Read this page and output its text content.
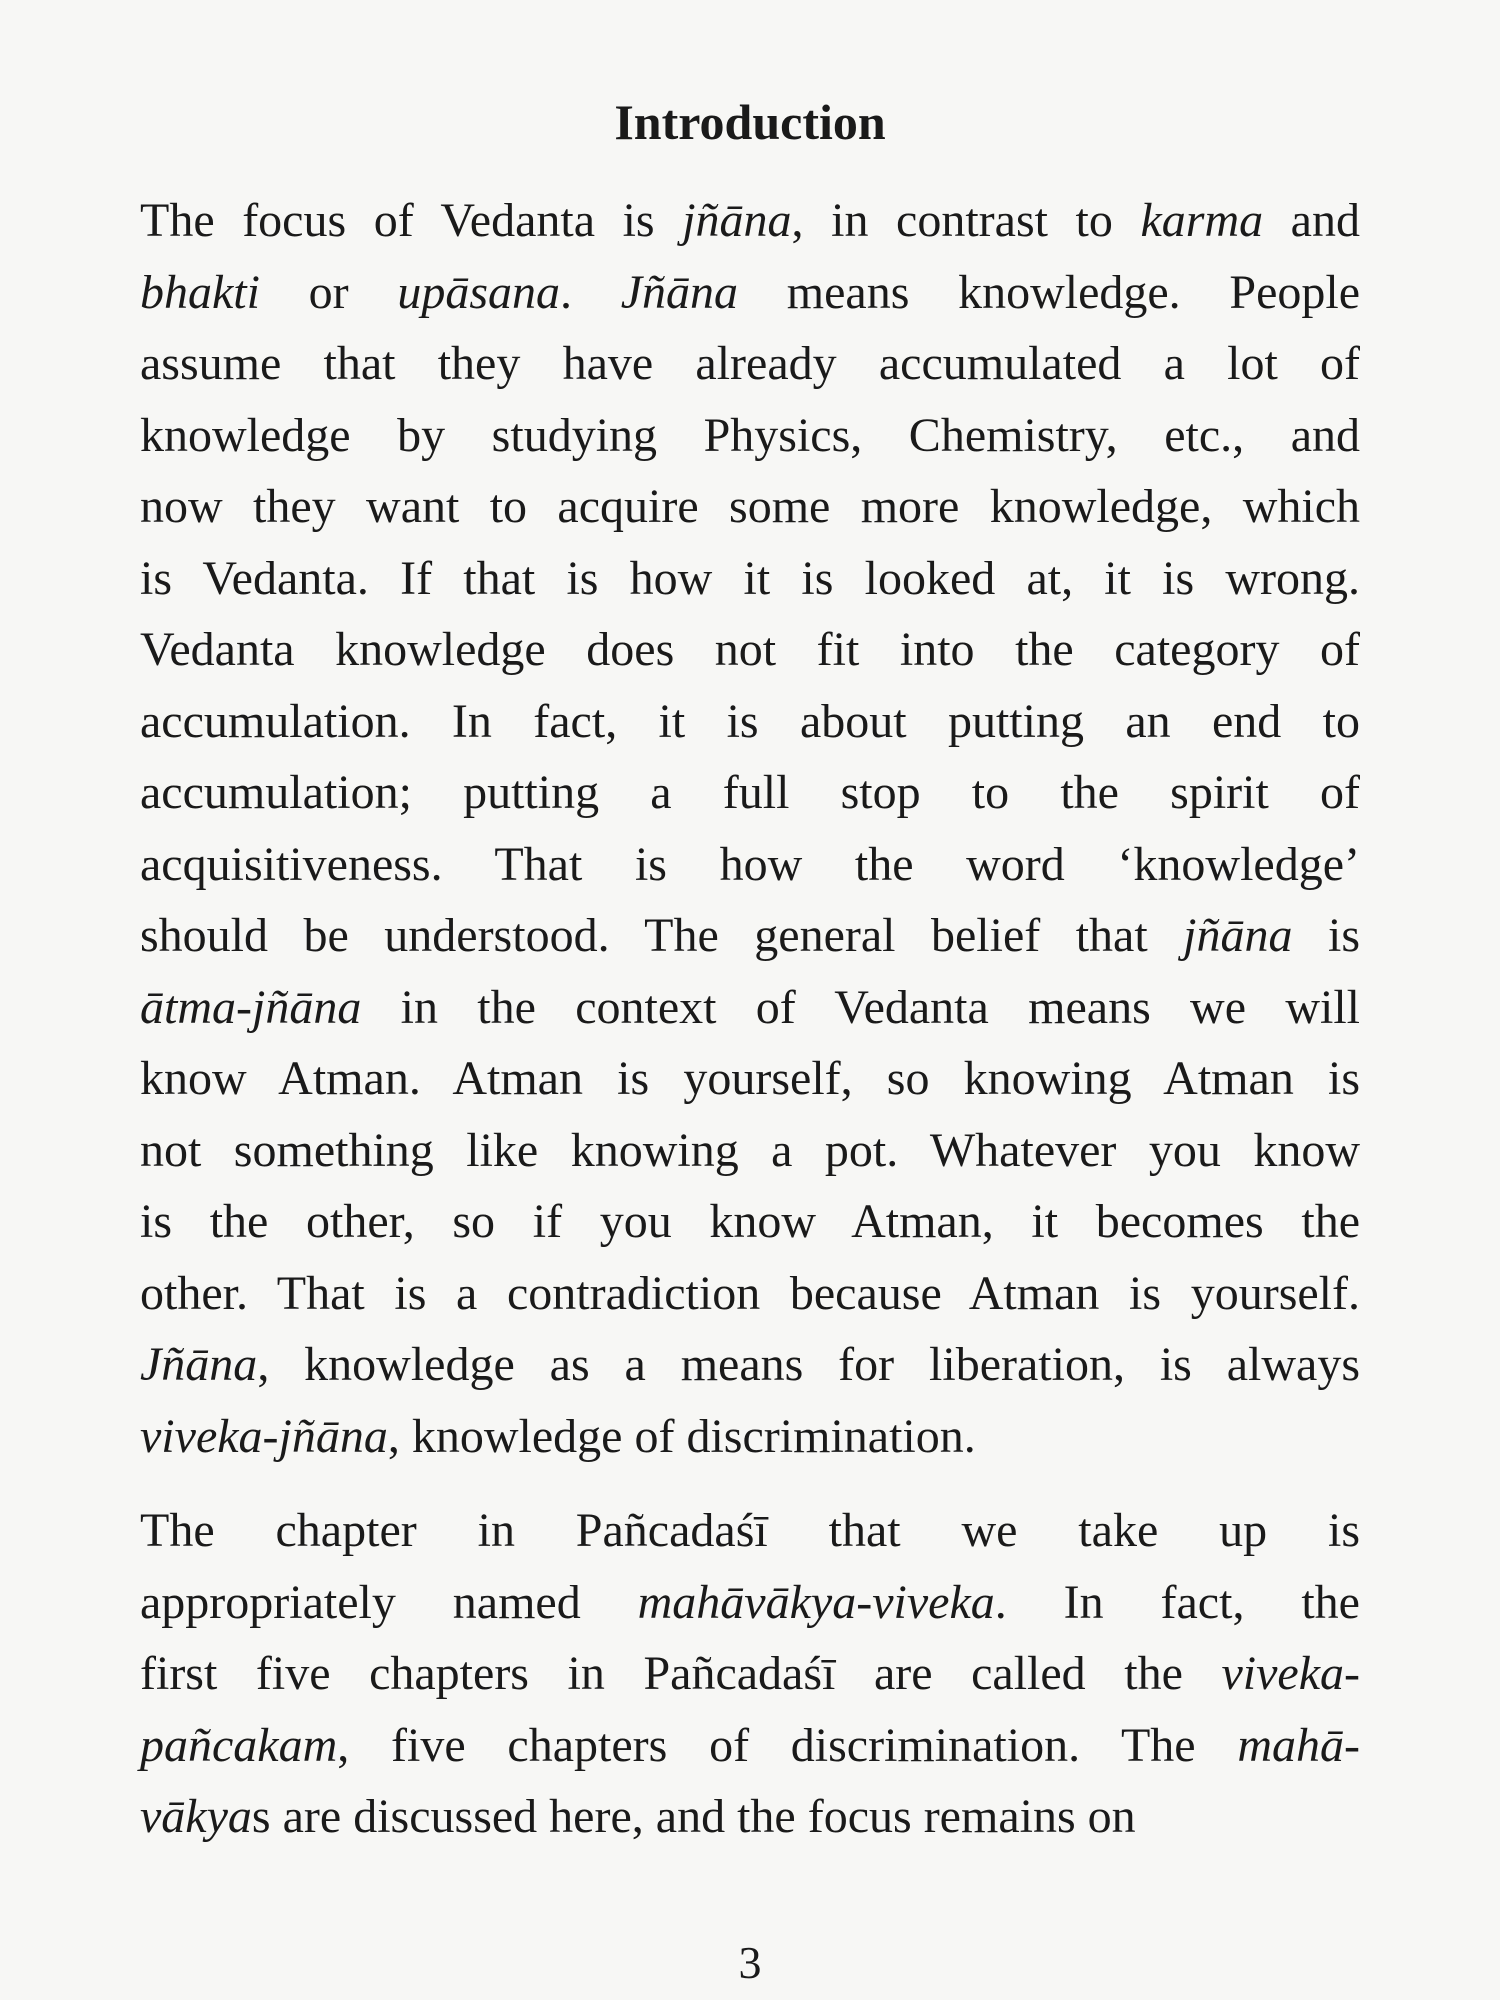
Introduction
The focus of Vedanta is jñāna, in contrast to karma and
bhakti or upāsana. Jñāna means knowledge. People
assume that they have already accumulated a lot of
knowledge by studying Physics, Chemistry, etc., and
now they want to acquire some more knowledge, which
is Vedanta. If that is how it is looked at, it is wrong.
Vedanta knowledge does not fit into the category of
accumulation. In fact, it is about putting an end to
accumulation; putting a full stop to the spirit of
acquisitiveness. That is how the word ‘knowledge’
should be understood. The general belief that jñāna is
ātma-jñāna in the context of Vedanta means we will
know Atman. Atman is yourself, so knowing Atman is
not something like knowing a pot. Whatever you know
is the other, so if you know Atman, it becomes the
other. That is a contradiction because Atman is yourself.
Jñāna, knowledge as a means for liberation, is always
viveka-jñāna, knowledge of discrimination.
The chapter in Pañcadaśī that we take up is
appropriately named mahāvākya-viveka. In fact, the
first five chapters in Pañcadaśī are called the viveka-
pañcakam, five chapters of discrimination. The mahā-
vākyas are discussed here, and the focus remains on
3
